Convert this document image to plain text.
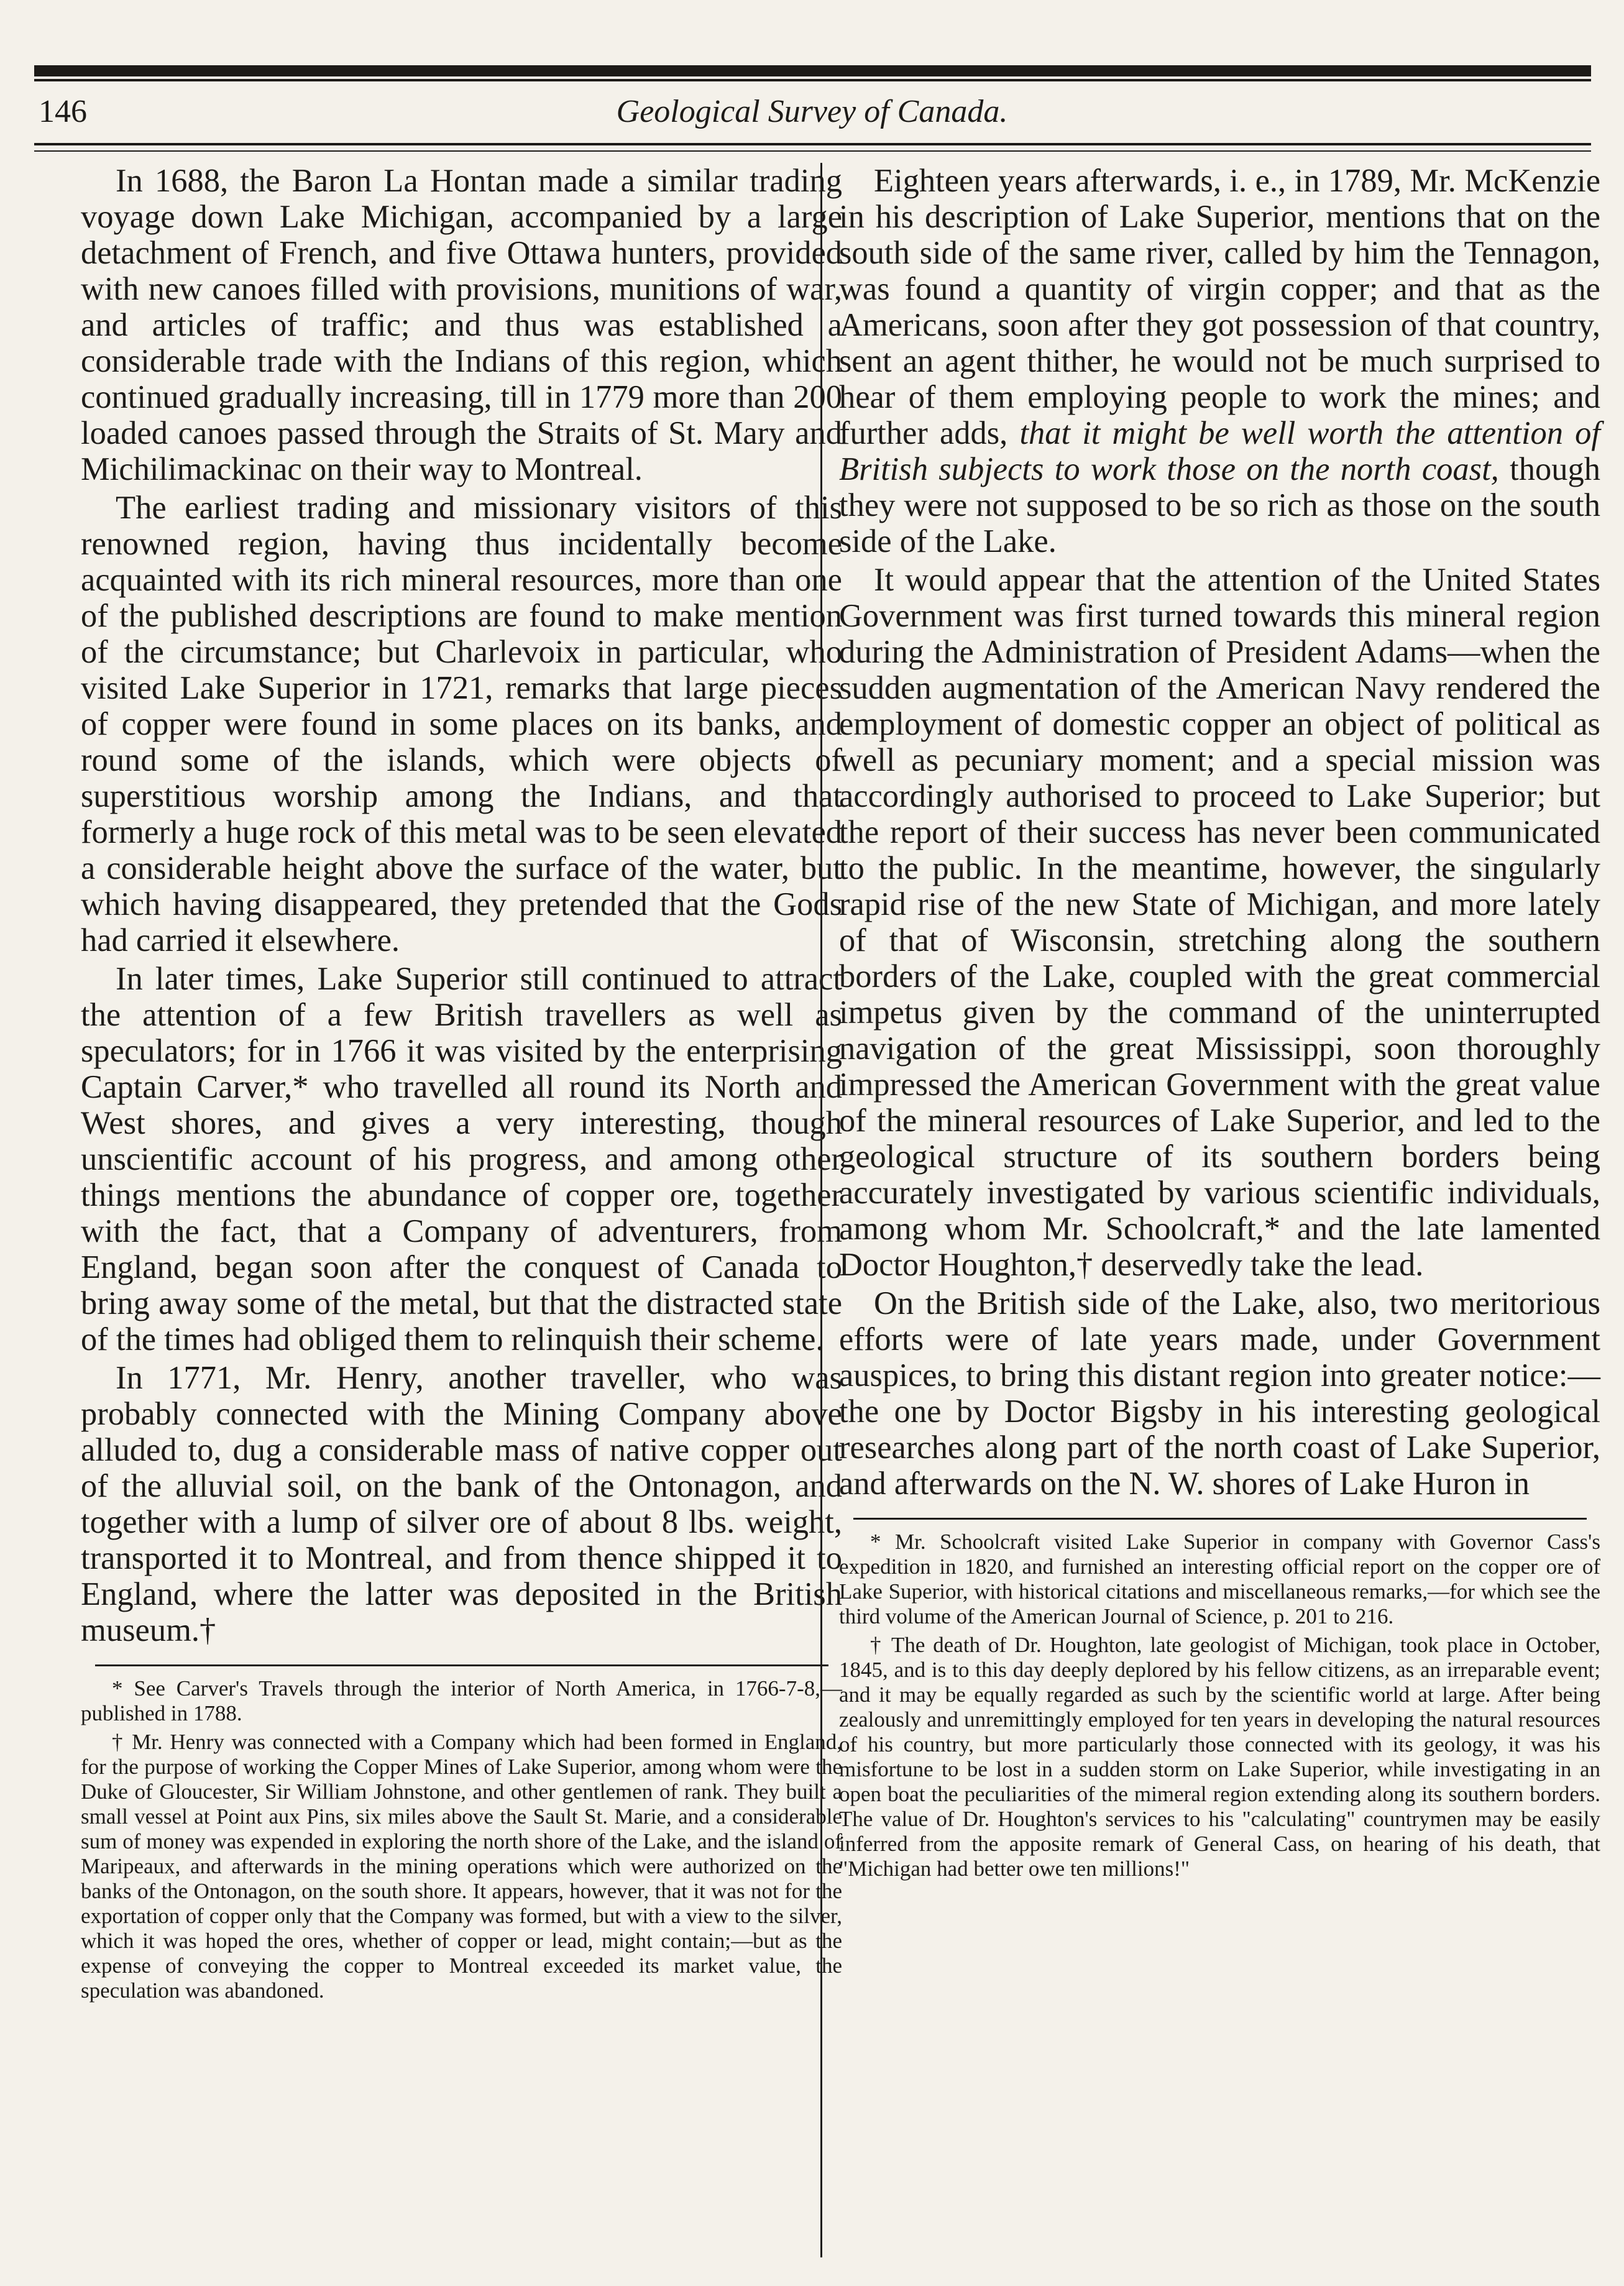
146	Geological Survey of Canada.

In 1688, the Baron La Hontan made a similar trading voyage down Lake Michigan, accompanied by a large detachment of French, and five Ottawa hunters, provided with new canoes filled with provisions, munitions of war, and articles of traffic; and thus was established a considerable trade with the Indians of this region, which continued gradually increasing, till in 1779 more than 200 loaded canoes passed through the Straits of St. Mary and Michilimackinac on their way to Montreal.

The earliest trading and missionary visitors of this renowned region, having thus incidentally become acquainted with its rich mineral resources, more than one of the published descriptions are found to make mention of the circumstance; but Charlevoix in particular, who visited Lake Superior in 1721, remarks that large pieces of copper were found in some places on its banks, and round some of the islands, which were objects of superstitious worship among the Indians, and that formerly a huge rock of this metal was to be seen elevated a considerable height above the surface of the water, but which having disappeared, they pretended that the Gods had carried it elsewhere.

In later times, Lake Superior still continued to attract the attention of a few British travellers as well as speculators; for in 1766 it was visited by the enterprising Captain Carver,* who travelled all round its North and West shores, and gives a very interesting, though unscientific account of his progress, and among other things mentions the abundance of copper ore, together with the fact, that a Company of adventurers, from England, began soon after the conquest of Canada to bring away some of the metal, but that the distracted state of the times had obliged them to relinquish their scheme.

In 1771, Mr. Henry, another traveller, who was probably connected with the Mining Company above alluded to, dug a considerable mass of native copper out of the alluvial soil, on the bank of the Ontonagon, and together with a lump of silver ore of about 8 lbs. weight, transported it to Montreal, and from thence shipped it to England, where the latter was deposited in the British museum.†

* See Carver's Travels through the interior of North America, in 1766-7-8,—published in 1788.

† Mr. Henry was connected with a Company which had been formed in England, for the purpose of working the Copper Mines of Lake Superior, among whom were the Duke of Gloucester, Sir William Johnstone, and other gentlemen of rank. They built a small vessel at Point aux Pins, six miles above the Sault St. Marie, and a considerable sum of money was expended in exploring the north shore of the Lake, and the island of Maripeaux, and afterwards in the mining operations which were authorized on the banks of the Ontonagon, on the south shore. It appears, however, that it was not for the exportation of copper only that the Company was formed, but with a view to the silver, which it was hoped the ores, whether of copper or lead, might contain;—but as the expense of conveying the copper to Montreal exceeded its market value, the speculation was abandoned.

Eighteen years afterwards, i. e., in 1789, Mr. McKenzie in his description of Lake Superior, mentions that on the south side of the same river, called by him the Tennagon, was found a quantity of virgin copper; and that as the Americans, soon after they got possession of that country, sent an agent thither, he would not be much surprised to hear of them employing people to work the mines; and further adds, that it might be well worth the attention of British subjects to work those on the north coast, though they were not supposed to be so rich as those on the south side of the Lake.

It would appear that the attention of the United States Government was first turned towards this mineral region during the Administration of President Adams—when the sudden augmentation of the American Navy rendered the employment of domestic copper an object of political as well as pecuniary moment; and a special mission was accordingly authorised to proceed to Lake Superior; but the report of their success has never been communicated to the public. In the meantime, however, the singularly rapid rise of the new State of Michigan, and more lately of that of Wisconsin, stretching along the southern borders of the Lake, coupled with the great commercial impetus given by the command of the uninterrupted navigation of the great Mississippi, soon thoroughly impressed the American Government with the great value of the mineral resources of Lake Superior, and led to the geological structure of its southern borders being accurately investigated by various scientific individuals, among whom Mr. Schoolcraft,* and the late lamented Doctor Houghton,† deservedly take the lead.

On the British side of the Lake, also, two meritorious efforts were of late years made, under Government auspices, to bring this distant region into greater notice:—the one by Doctor Bigsby in his interesting geological researches along part of the north coast of Lake Superior, and afterwards on the N. W. shores of Lake Huron in

* Mr. Schoolcraft visited Lake Superior in company with Governor Cass's expedition in 1820, and furnished an interesting official report on the copper ore of Lake Superior, with historical citations and miscellaneous remarks,—for which see the third volume of the American Journal of Science, p. 201 to 216.

† The death of Dr. Houghton, late geologist of Michigan, took place in October, 1845, and is to this day deeply deplored by his fellow citizens, as an irreparable event; and it may be equally regarded as such by the scientific world at large. After being zealously and unremittingly employed for ten years in developing the natural resources of his country, but more particularly those connected with its geology, it was his misfortune to be lost in a sudden storm on Lake Superior, while investigating in an open boat the peculiarities of the mimeral region extending along its southern borders. The value of Dr. Houghton's services to his "calculating" countrymen may be easily inferred from the apposite remark of General Cass, on hearing of his death, that "Michigan had better owe ten millions!"
